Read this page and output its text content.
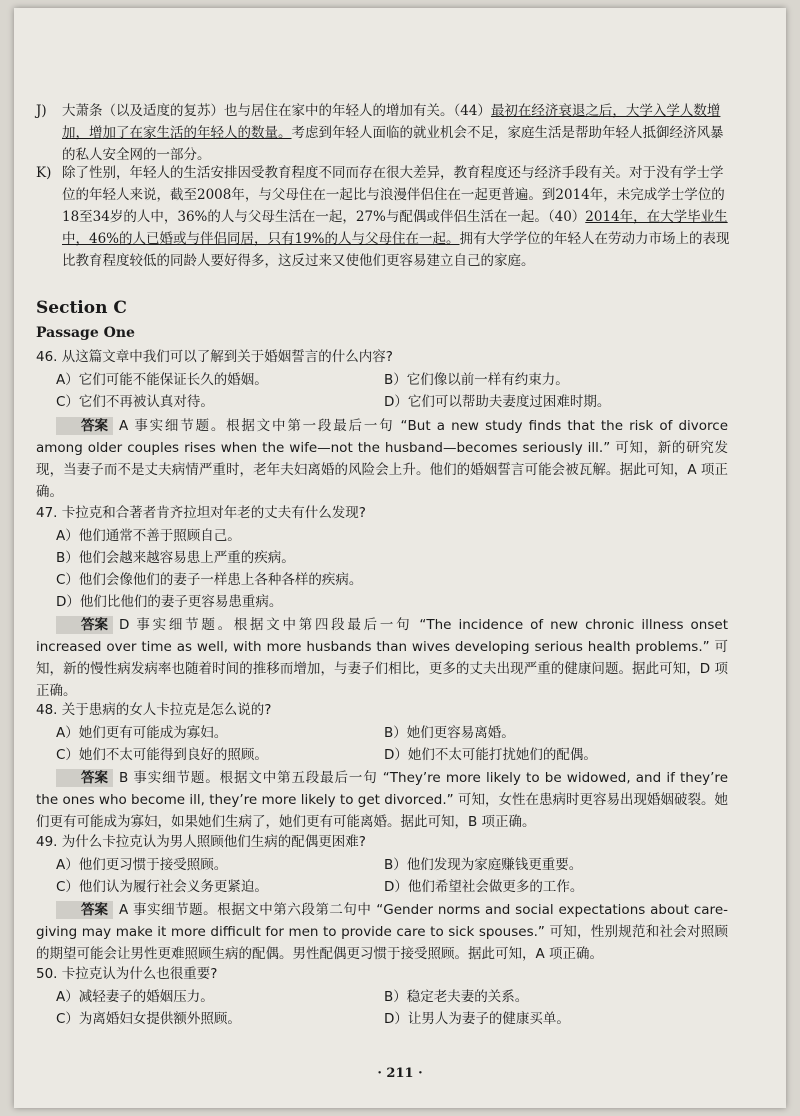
J) 大萧条（以及适度的复苏）也与居住在家中的年轻人的增加有关。（44）最初在经济衰退之后，大学入学人数增加，增加了在家生活的年轻人的数量。考虑到年轻人面临的就业机会不足，家庭生活是帮助年轻人抵御经济风暴的私人安全网的一部分。
K) 除了性别，年轻人的生活安排因受教育程度不同而存在很大差异，教育程度还与经济手段有关。对于没有学士学位的年轻人来说，截至2008年，与父母住在一起比与浪漫伴侣住在一起更普遍。到2014年，未完成学士学位的18至34岁的人中，36%的人与父母生活在一起，27%与配偶或伴侣生活在一起。（40）2014年，在大学毕业生中，46%的人已婚或与伴侣同居，只有19%的人与父母住在一起。拥有大学学位的年轻人在劳动力市场上的表现比教育程度较低的同龄人要好得多，这反过来又使他们更容易建立自己的家庭。
Section C
Passage One
46. 从这篇文章中我们可以了解到关于婚姻誓言的什么内容?
A）它们可能不能保证长久的婚姻。	B）它们像以前一样有约束力。
C）它们不再被认真对待。	D）它们可以帮助夫妻度过困难时期。
答案 A 事实细节题。根据文中第一段最后一句 “But a new study finds that the risk of divorce among older couples rises when the wife—not the husband—becomes seriously ill.” 可知，新的研究发现，当妻子而不是丈夫病情严重时，老年夫妇离婚的风险会上升。他们的婚姻誓言可能会被瓦解。据此可知，A 项正确。
47. 卡拉克和合著者肯齐拉坦对年老的丈夫有什么发现?
A）他们通常不善于照顾自己。
B）他们会越来越容易患上严重的疾病。
C）他们会像他们的妻子一样患上各种各样的疾病。
D）他们比他们的妻子更容易患重病。
答案 D 事实细节题。根据文中第四段最后一句 “The incidence of new chronic illness onset increased over time as well, with more husbands than wives developing serious health problems.” 可知，新的慢性病发病率也随着时间的推移而增加，与妻子们相比，更多的丈夫出现严重的健康问题。据此可知，D 项正确。
48. 关于患病的女人卡拉克是怎么说的?
A）她们更有可能成为寡妇。	B）她们更容易离婚。
C）她们不太可能得到良好的照顾。	D）她们不太可能打扰她们的配偶。
答案 B 事实细节题。根据文中第五段最后一句 “They’re more likely to be widowed, and if they’re the ones who become ill, they’re more likely to get divorced.” 可知，女性在患病时更容易出现婚姻破裂。她们更有可能成为寡妇，如果她们生病了，她们更有可能离婚。据此可知，B 项正确。
49. 为什么卡拉克认为男人照顾他们生病的配偶更困难?
A）他们更习惯于接受照顾。	B）他们发现为家庭赚钱更重要。
C）他们认为履行社会义务更紧迫。	D）他们希望社会做更多的工作。
答案 A 事实细节题。根据文中第六段第二句中 “Gender norms and social expectations about care-giving may make it more difficult for men to provide care to sick spouses.” 可知，性别规范和社会对照顾的期望可能会让男性更难照顾生病的配偶。男性配偶更习惯于接受照顾。据此可知，A 项正确。
50. 卡拉克认为什么也很重要?
A）减轻妻子的婚姻压力。	B）稳定老夫妻的关系。
C）为离婚妇女提供额外照顾。	D）让男人为妻子的健康买单。
· 211 ·
